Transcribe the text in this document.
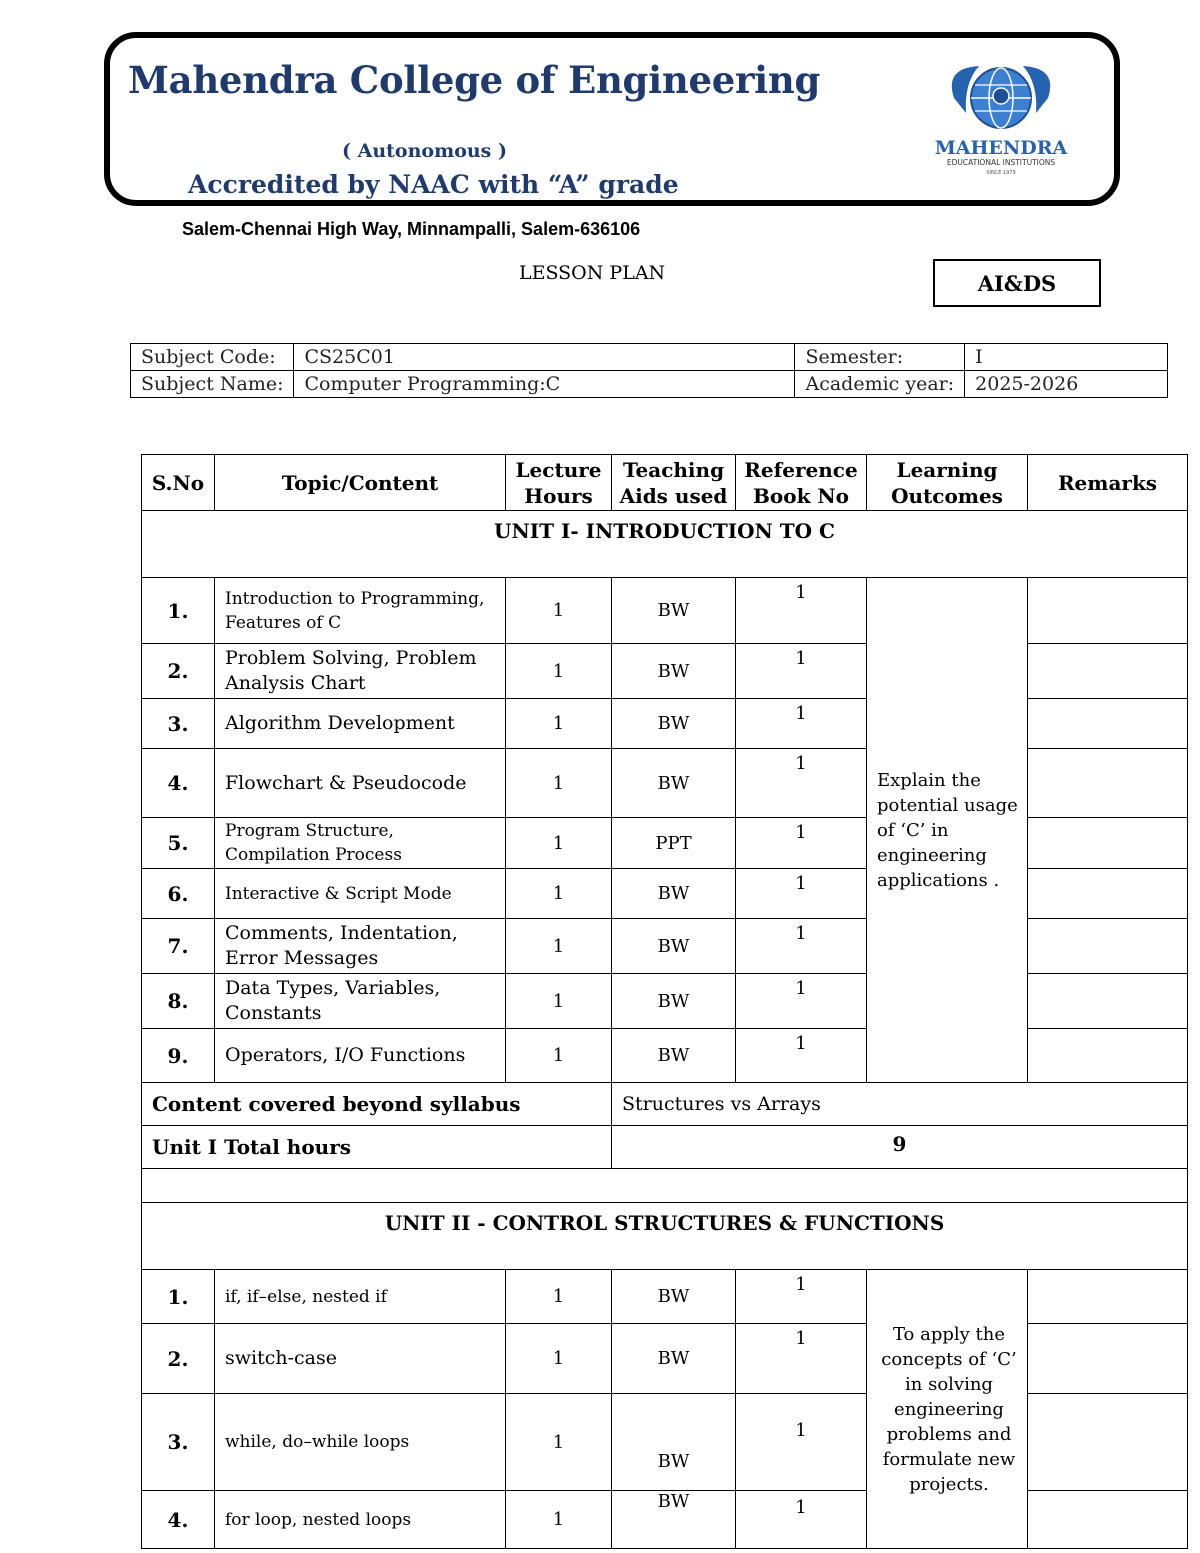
Mahendra College of Engineering
( Autonomous )
Accredited by NAAC with “A” grade
MAHENDRA
EDUCATIONAL INSTITUTIONS
SINCE 1979
Salem-Chennai High Way, Minnampalli, Salem-636106
LESSON PLAN	AI&DS
Subject Code:	CS25C01	Semester:	I
Subject Name:	Computer Programming:C	Academic year:	2025-2026
S.No	Topic/Content	Lecture Hours	Teaching Aids used	Reference Book No	Learning Outcomes	Remarks
UNIT I- INTRODUCTION TO C						
1.	Introduction to Programming, Features of C	1	BW	1	Explain the potential usage of ‘C’ in engineering applications .	
2.	Problem Solving, Problem Analysis Chart	1	BW	1		
3.	Algorithm Development	1	BW	1		
4.	Flowchart & Pseudocode	1	BW	1		
5.	Program Structure, Compilation Process	1	PPT	1		
6.	Interactive & Script Mode	1	BW	1		
7.	Comments, Indentation, Error Messages	1	BW	1		
8.	Data Types, Variables, Constants	1	BW	1		
9.	Operators, I/O Functions	1	BW	1		
Content covered beyond syllabus			Structures vs Arrays			
Unit I Total hours			9			

UNIT II - CONTROL STRUCTURES & FUNCTIONS						
1.	if, if–else, nested if	1	BW	1	To apply the concepts of ‘C’ in solving engineering problems and formulate new projects.	
2.	switch-case	1	BW	1		
3.	while, do–while loops	1	BW	1		
4.	for loop, nested loops	1	BW	1		
